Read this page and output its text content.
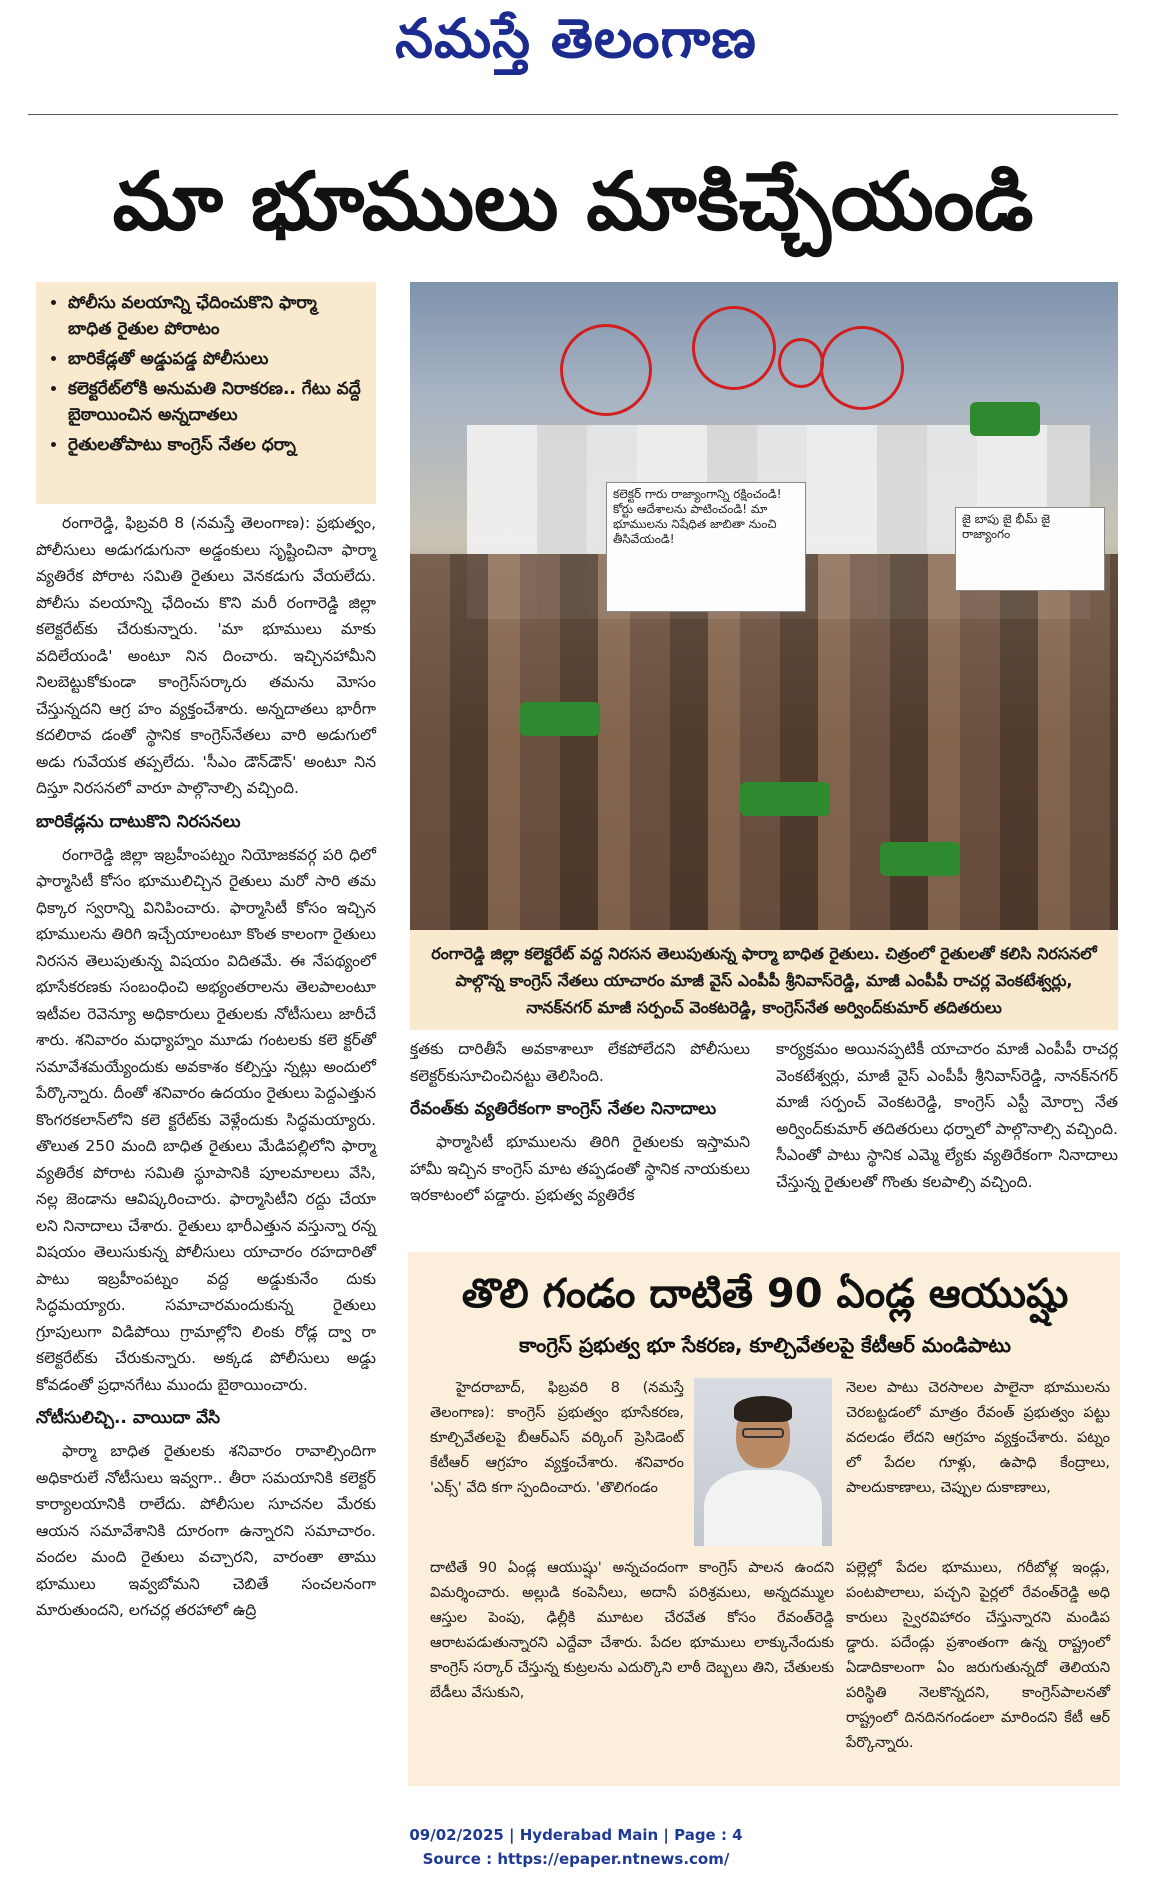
నమస్తే తెలంగాణ
మా భూములు మాకిచ్చేయండి
• పోలీసు వలయాన్ని ఛేదించుకొని ఫార్మా బాధిత రైతుల పోరాటం
• బారికేడ్లతో అడ్డుపడ్డ పోలీసులు
• కలెక్టరేట్‌లోకి అనుమతి నిరాకరణ.. గేటు వద్దే బైఠాయించిన అన్నదాతలు
• రైతులతోపాటు కాంగ్రెస్‌ నేతల ధర్నా
కలెక్టర్ గారు రాజ్యాంగాన్ని రక్షించండి! కోర్టు ఆదేశాలను పాటించండి! మా భూములను నిషేధిత జాబితా నుంచి తీసివేయండి!
జై బాపు జై భీమ్ జై రాజ్యాంగం
రంగారెడ్డి జిల్లా కలెక్టరేట్ వద్ద నిరసన తెలుపుతున్న ఫార్మా బాధిత రైతులు. చిత్రంలో రైతులతో కలిసి నిరసనలో పాల్గొన్న కాంగ్రెస్ నేతలు యాచారం మాజీ వైస్ ఎంపీపీ శ్రీనివాస్‌రెడ్డి, మాజీ ఎంపీపీ రాచర్ల వెంకటేశ్వర్లు, నానక్‌నగర్ మాజీ సర్పంచ్ వెంకటరెడ్డి, కాంగ్రెస్‌నేత అర్వింద్‌కుమార్ తదితరులు

రంగారెడ్డి, ఫిబ్రవరి 8 (నమస్తే తెలంగాణ): ప్రభుత్వం, పోలీసులు అడుగడుగునా అడ్డంకులు సృష్టించినా ఫార్మా వ్యతిరేక పోరాట సమితి రైతులు వెనకడుగు వేయలేదు. పోలీసు వలయాన్ని ఛేదించు కొని మరీ రంగారెడ్డి జిల్లా కలెక్టరేట్‌కు చేరుకున్నారు. 'మా భూములు మాకు వదిలేయండి' అంటూ నిన దించారు. ఇచ్చినహామీని నిలబెట్టుకోకుండా కాంగ్రెస్‌సర్కారు తమను మోసం చేస్తున్నదని ఆగ్ర హం వ్యక్తంచేశారు. అన్నదాతలు భారీగా కదలిరావ డంతో స్థానిక కాంగ్రెస్‌నేతలు వారి అడుగులో అడు గువేయక తప్పలేదు. 'సీఎం డౌన్‌డౌన్' అంటూ నిన దిస్తూ నిరసనలో వారూ పాల్గొనాల్సి వచ్చింది.

బారికేడ్లను దాటుకొని నిరసనలు

రంగారెడ్డి జిల్లా ఇబ్రహీంపట్నం నియోజకవర్గ పరి ధిలో ఫార్మాసిటీ కోసం భూములిచ్చిన రైతులు మరో సారి తమ ధిక్కార స్వరాన్ని వినిపించారు. ఫార్మాసిటీ కోసం ఇచ్చిన భూములను తిరిగి ఇచ్చేయాలంటూ కొంత కాలంగా రైతులు నిరసన తెలుపుతున్న విషయం విదితమే. ఈ నేపథ్యంలో భూసేకరణకు సంబంధించి అభ్యంతరాలను తెలపాలంటూ ఇటీవల రెవెన్యూ అధికారులు రైతులకు నోటీసులు జారీచే శారు. శనివారం మధ్యాహ్నం మూడు గంటలకు కలె క్టర్‌తో సమావేశమయ్యేందుకు అవకాశం కల్పిస్తు న్నట్లు అందులో పేర్కొన్నారు. దీంతో శనివారం ఉదయం రైతులు పెద్దఎత్తున కొంగరకలాన్‌లోని కలె క్టరేట్‌కు వెళ్లేందుకు సిద్ధమయ్యారు. తొలుత 250 మంది బాధిత రైతులు మేడిపల్లిలోని ఫార్మా వ్యతిరేక పోరాట సమితి స్థూపానికి పూలమాలలు వేసి, నల్ల జెండాను ఆవిష్కరించారు. ఫార్మాసిటీని రద్దు చేయా లని నినాదాలు చేశారు. రైతులు భారీఎత్తున వస్తున్నా రన్న విషయం తెలుసుకున్న పోలీసులు యాచారం రహదారితో పాటు ఇబ్రహీంపట్నం వద్ద అడ్డుకునేం దుకు సిద్ధమయ్యారు. సమాచారమందుకున్న రైతులు గ్రూపులుగా విడిపోయి గ్రామాల్లోని లింకు రోడ్ల ద్వా రా కలెక్టరేట్‌కు చేరుకున్నారు. అక్కడ పోలీసులు అడ్డు కోవడంతో ప్రధానగేటు ముందు బైఠాయించారు.

నోటీసులిచ్చి.. వాయిదా వేసి

ఫార్మా బాధిత రైతులకు శనివారం రావాల్సిందిగా అధికారులే నోటీసులు ఇవ్వగా.. తీరా సమయానికి కలెక్టర్ కార్యాలయానికి రాలేదు. పోలీసుల సూచనల మేరకు ఆయన సమావేశానికి దూరంగా ఉన్నారని సమాచారం. వందల మంది రైతులు వచ్చారని, వారంతా తాము భూములు ఇవ్వబోమని చెబితే సంచలనంగా మారుతుందని, లగచర్ల తరహాలో ఉద్రి

క్తతకు దారితీసే అవకాశాలూ లేకపోలేదని పోలీసులు కలెక్టర్‌కుసూచించినట్టు తెలిసింది.

రేవంత్‌కు వ్యతిరేకంగా కాంగ్రెస్ నేతల నినాదాలు

ఫార్మాసిటీ భూములను తిరిగి రైతులకు ఇస్తామని హామీ ఇచ్చిన కాంగ్రెస్ మాట తప్పడంతో స్థానిక నాయకులు ఇరకాటంలో పడ్డారు. ప్రభుత్వ వ్యతిరేక

కార్యక్రమం అయినప్పటికీ యాచారం మాజీ ఎంపీపీ రాచర్ల వెంకటేశ్వర్లు, మాజీ వైస్ ఎంపీపీ శ్రీనివాస్‌రెడ్డి, నానక్‌నగర్ మాజీ సర్పంచ్ వెంకటరెడ్డి, కాంగ్రెస్ ఎస్టీ మోర్చా నేత అర్వింద్‌కుమార్ తదితరులు ధర్నాలో పాల్గొనాల్సి వచ్చింది. సీఎంతో పాటు స్థానిక ఎమ్మె ల్యేకు వ్యతిరేకంగా నినాదాలు చేస్తున్న రైతులతో గొంతు కలపాల్సి వచ్చింది.

తొలి గండం దాటితే 90 ఏండ్ల ఆయుష్షు
కాంగ్రెస్ ప్రభుత్వ భూ సేకరణ, కూల్చివేతలపై కేటీఆర్ మండిపాటు

హైదరాబాద్, ఫిబ్రవరి 8 (నమస్తే తెలంగాణ): కాంగ్రెస్ ప్రభుత్వం భూసేకరణ, కూల్చివేతలపై బీఆర్ఎస్ వర్కింగ్ ప్రెసిడెంట్ కేటీఆర్ ఆగ్రహం వ్యక్తంచేశారు. శనివారం 'ఎక్స్' వేది కగా స్పందించారు. 'తొలిగండం

దాటితే 90 ఏండ్ల ఆయుష్షు' అన్నచందంగా కాంగ్రెస్ పాలన ఉందని విమర్శించారు. అల్లుడి కంపెనీలు, అదానీ పరిశ్రమలు, అన్నదమ్ముల ఆస్తుల పెంపు, ఢిల్లీకి మూటల చేరవేత కోసం రేవంత్‌రెడ్డి ఆరాటపడుతున్నారని ఎద్దేవా చేశారు. పేదల భూములు లాక్కునేందుకు కాంగ్రెస్ సర్కార్ చేస్తున్న కుట్రలను ఎదుర్కొని లాఠీ దెబ్బలు తిని, చేతులకు బేడీలు వేసుకుని,

నెలల పాటు చెరసాలల పాలైనా భూములను చెరబట్టడంలో మాత్రం రేవంత్ ప్రభుత్వం పట్టు వదలడం లేదని ఆగ్రహం వ్యక్తంచేశారు. పట్నం లో పేదల గూళ్లు, ఉపాధి కేంద్రాలు, పాలదుకాణాలు, చెప్పుల దుకాణాలు,

పల్లెల్లో పేదల భూములు, గరీబోళ్ల ఇండ్లు, పంటపొలాలు, పచ్చని పైర్లలో రేవంత్‌రెడ్డి అధి కారులు స్వైరవిహారం చేస్తున్నారని మండిప డ్డారు. పదేండ్లు ప్రశాంతంగా ఉన్న రాష్ట్రంలో ఏడాదికాలంగా ఏం జరుగుతున్నదో తెలియని పరిస్థితి నెలకొన్నదని, కాంగ్రెస్‌పాలనతో రాష్ట్రంలో దినదినగండంలా మారిందని కేటీ ఆర్ పేర్కొన్నారు.

09/02/2025 | Hyderabad Main | Page : 4
Source : https://epaper.ntnews.com/
